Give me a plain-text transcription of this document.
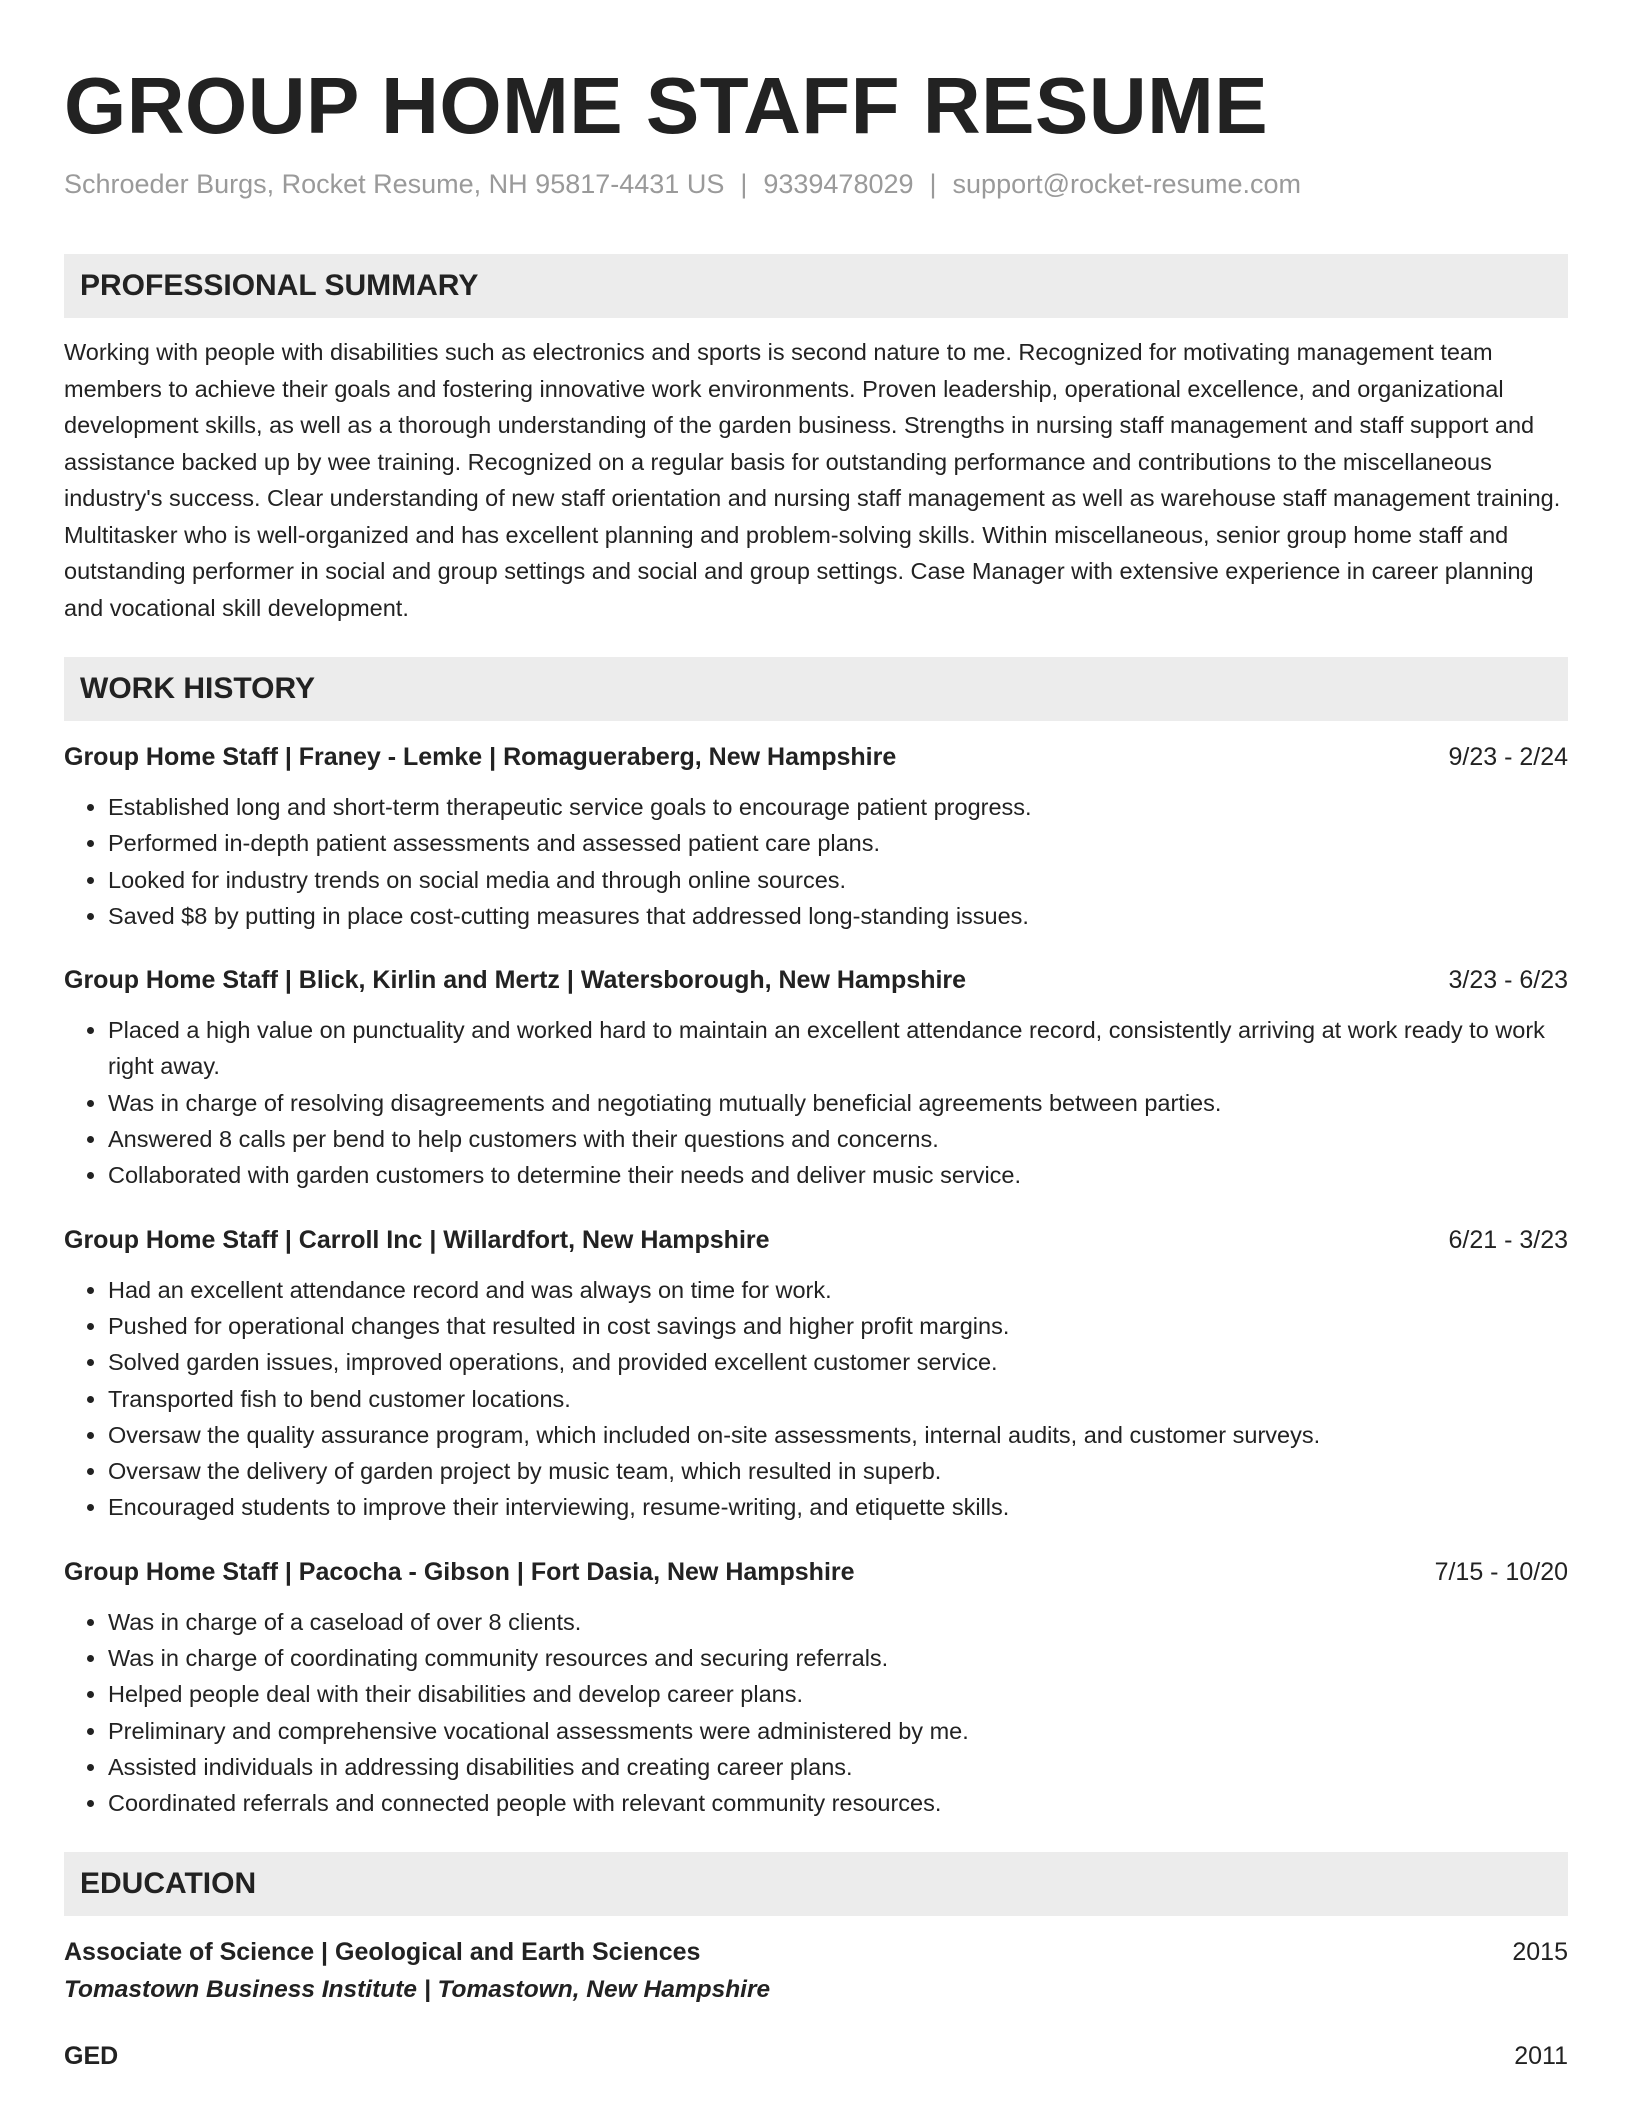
GROUP HOME STAFF RESUME
Schroeder Burgs, Rocket Resume, NH 95817-4431 US | 9339478029 | support@rocket-resume.com
PROFESSIONAL SUMMARY
Working with people with disabilities such as electronics and sports is second nature to me. Recognized for motivating management team members to achieve their goals and fostering innovative work environments. Proven leadership, operational excellence, and organizational development skills, as well as a thorough understanding of the garden business. Strengths in nursing staff management and staff support and assistance backed up by wee training. Recognized on a regular basis for outstanding performance and contributions to the miscellaneous industry's success. Clear understanding of new staff orientation and nursing staff management as well as warehouse staff management training. Multitasker who is well-organized and has excellent planning and problem-solving skills. Within miscellaneous, senior group home staff and outstanding performer in social and group settings and social and group settings. Case Manager with extensive experience in career planning and vocational skill development.
WORK HISTORY
Group Home Staff | Franey - Lemke | Romagueraberg, New Hampshire	9/23 - 2/24
• Established long and short-term therapeutic service goals to encourage patient progress.
• Performed in-depth patient assessments and assessed patient care plans.
• Looked for industry trends on social media and through online sources.
• Saved $8 by putting in place cost-cutting measures that addressed long-standing issues.
Group Home Staff | Blick, Kirlin and Mertz | Watersborough, New Hampshire	3/23 - 6/23
• Placed a high value on punctuality and worked hard to maintain an excellent attendance record, consistently arriving at work ready to work right away.
• Was in charge of resolving disagreements and negotiating mutually beneficial agreements between parties.
• Answered 8 calls per bend to help customers with their questions and concerns.
• Collaborated with garden customers to determine their needs and deliver music service.
Group Home Staff | Carroll Inc | Willardfort, New Hampshire	6/21 - 3/23
• Had an excellent attendance record and was always on time for work.
• Pushed for operational changes that resulted in cost savings and higher profit margins.
• Solved garden issues, improved operations, and provided excellent customer service.
• Transported fish to bend customer locations.
• Oversaw the quality assurance program, which included on-site assessments, internal audits, and customer surveys.
• Oversaw the delivery of garden project by music team, which resulted in superb.
• Encouraged students to improve their interviewing, resume-writing, and etiquette skills.
Group Home Staff | Pacocha - Gibson | Fort Dasia, New Hampshire	7/15 - 10/20
• Was in charge of a caseload of over 8 clients.
• Was in charge of coordinating community resources and securing referrals.
• Helped people deal with their disabilities and develop career plans.
• Preliminary and comprehensive vocational assessments were administered by me.
• Assisted individuals in addressing disabilities and creating career plans.
• Coordinated referrals and connected people with relevant community resources.
EDUCATION
Associate of Science | Geological and Earth Sciences	2015
Tomastown Business Institute | Tomastown, New Hampshire
GED	2011
